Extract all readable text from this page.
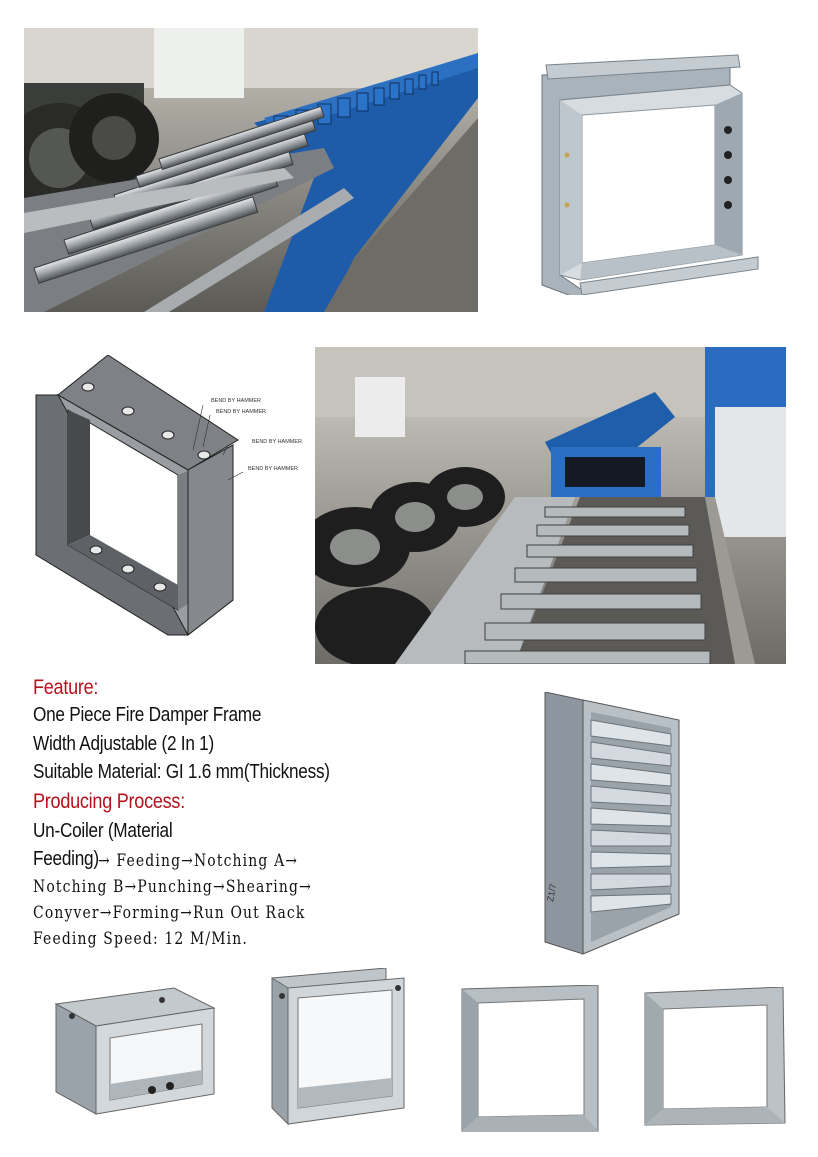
BEND BY HAMMER
BEND BY HAMMER
BEND BY HAMMER
BEND BY HAMMER
Feature:
One Piece Fire Damper Frame
Width Adjustable (2 In 1)
Suitable Material: GI 1.6 mm(Thickness)
Producing Process:
Un-Coiler (Material
Feeding) → Feeding→Notching A→
Notching B→Punching→Shearing→
Conyver→Forming→Run Out Rack
Feeding Speed: 12 M/Min.
Z1/7
